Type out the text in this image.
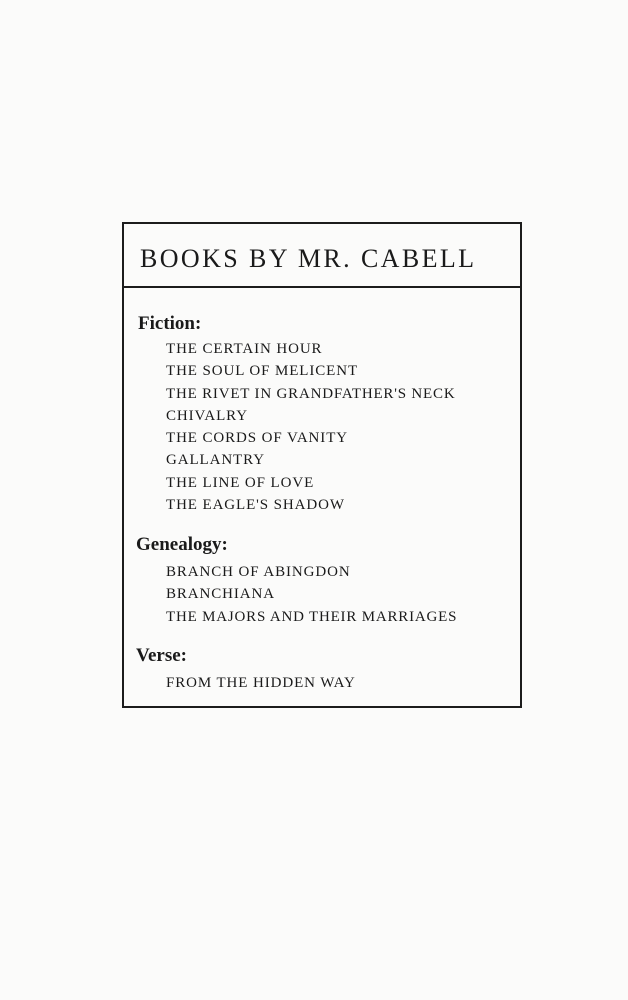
BOOKS BY MR. CABELL
Fiction:
THE CERTAIN HOUR
THE SOUL OF MELICENT
THE RIVET IN GRANDFATHER'S NECK
CHIVALRY
THE CORDS OF VANITY
GALLANTRY
THE LINE OF LOVE
THE EAGLE'S SHADOW
Genealogy:
BRANCH OF ABINGDON
BRANCHIANA
THE MAJORS AND THEIR MARRIAGES
Verse:
FROM THE HIDDEN WAY
